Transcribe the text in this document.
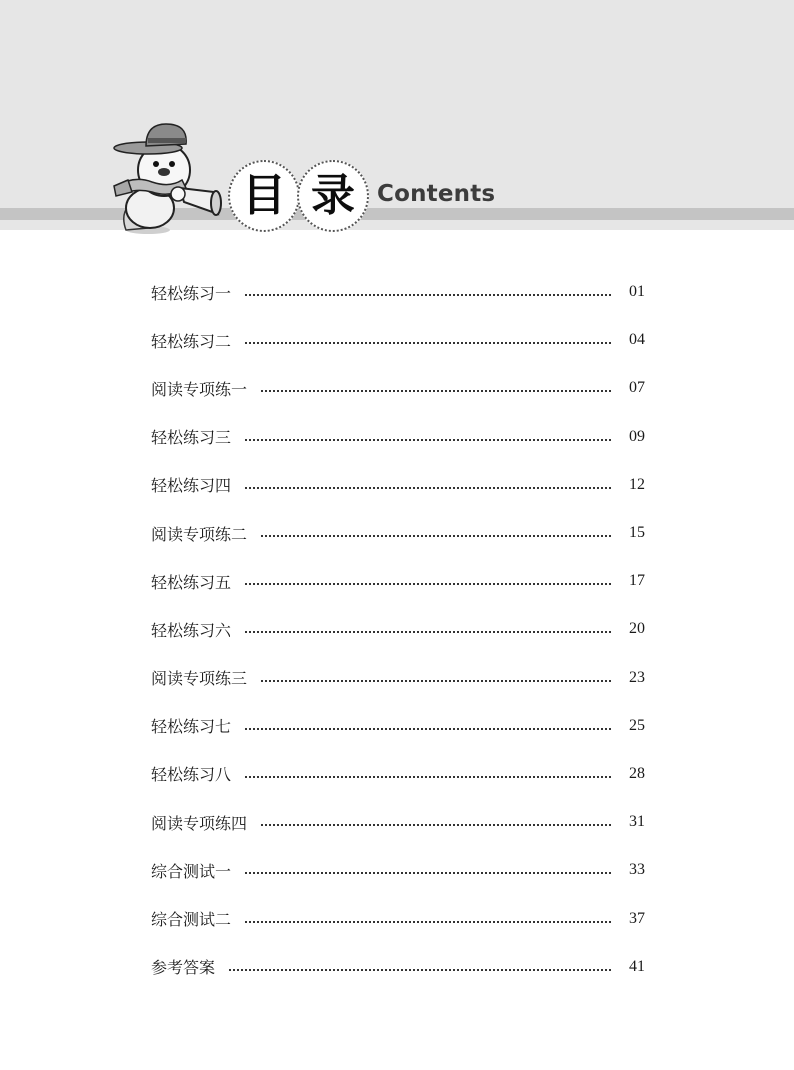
目 录 Contents
轻松练习一	01
轻松练习二	04
阅读专项练一	07
轻松练习三	09
轻松练习四	12
阅读专项练二	15
轻松练习五	17
轻松练习六	20
阅读专项练三	23
轻松练习七	25
轻松练习八	28
阅读专项练四	31
综合测试一	33
综合测试二	37
参考答案	41
